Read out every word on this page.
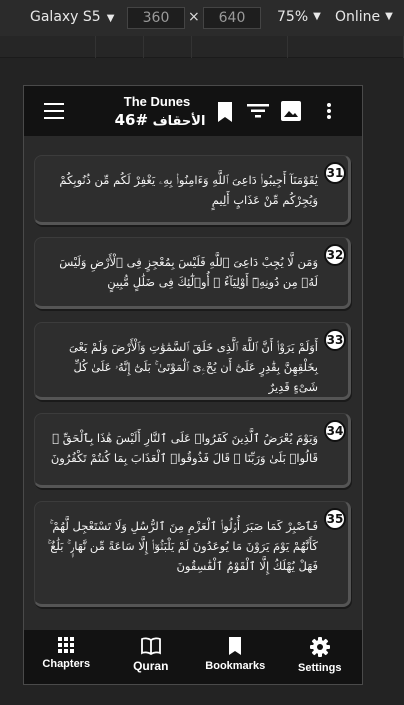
Galaxy S5 ▼	360	×	640	75% ▼ Online ▼
The Dunes
الأحقاف #46
31
يَٰقَوْمَنَآ أَجِيبُوا۟ دَاعِىَ ٱللَّهِ وَءَامِنُوا۟ بِهِۦ يَغْفِرْ لَكُم مِّن ذُنُوبِكُمْ وَيُجِرْكُم مِّنْ عَذَابٍ أَلِيمٍ
32
وَمَن لَّا يُجِبْ دَاعِىَ ٱللَّهِ فَلَيْسَ بِمُعْجِزٍ فِى ٱلْأَرْضِ وَلَيْسَ لَهُۥ مِن دُونِهِۦٓ أَوْلِيَآءُ ۚ أُو۟لَٰٓئِكَ فِى ضَلَٰلٍ مُّبِينٍ
33
أَوَلَمْ يَرَوْا۟ أَنَّ ٱللَّهَ ٱلَّذِى خَلَقَ ٱلسَّمَٰوَٰتِ وَٱلْأَرْضَ وَلَمْ يَعْىَ بِخَلْقِهِنَّ بِقَٰدِرٍ عَلَىٰٓ أَن يُحْۦِىَ ٱلْمَوْتَىٰ ۚ بَلَىٰٓ إِنَّهُۥ عَلَىٰ كُلِّ شَىْءٍ قَدِيرٌ
34
وَيَوْمَ يُعْرَضُ ٱلَّذِينَ كَفَرُوا۟ عَلَى ٱلنَّارِ أَلَيْسَ هَٰذَا بِٱلْحَقِّ ۖ قَالُوا۟ بَلَىٰ وَرَبِّنَا ۚ قَالَ فَذُوقُوا۟ ٱلْعَذَابَ بِمَا كُنتُمْ تَكْفُرُونَ
35
فَٱصْبِرْ كَمَا صَبَرَ أُو۟لُوا۟ ٱلْعَزْمِ مِنَ ٱلرُّسُلِ وَلَا تَسْتَعْجِل لَّهُمْ ۚ كَأَنَّهُمْ يَوْمَ يَرَوْنَ مَا يُوعَدُونَ لَمْ يَلْبَثُوٓا۟ إِلَّا سَاعَةً مِّن نَّهَارٍۭ ۚ بَلَٰغٌ ۚ فَهَلْ يُهْلَكُ إِلَّا ٱلْقَوْمُ ٱلْفَٰسِقُونَ
Chapters	Quran	Bookmarks	Settings
